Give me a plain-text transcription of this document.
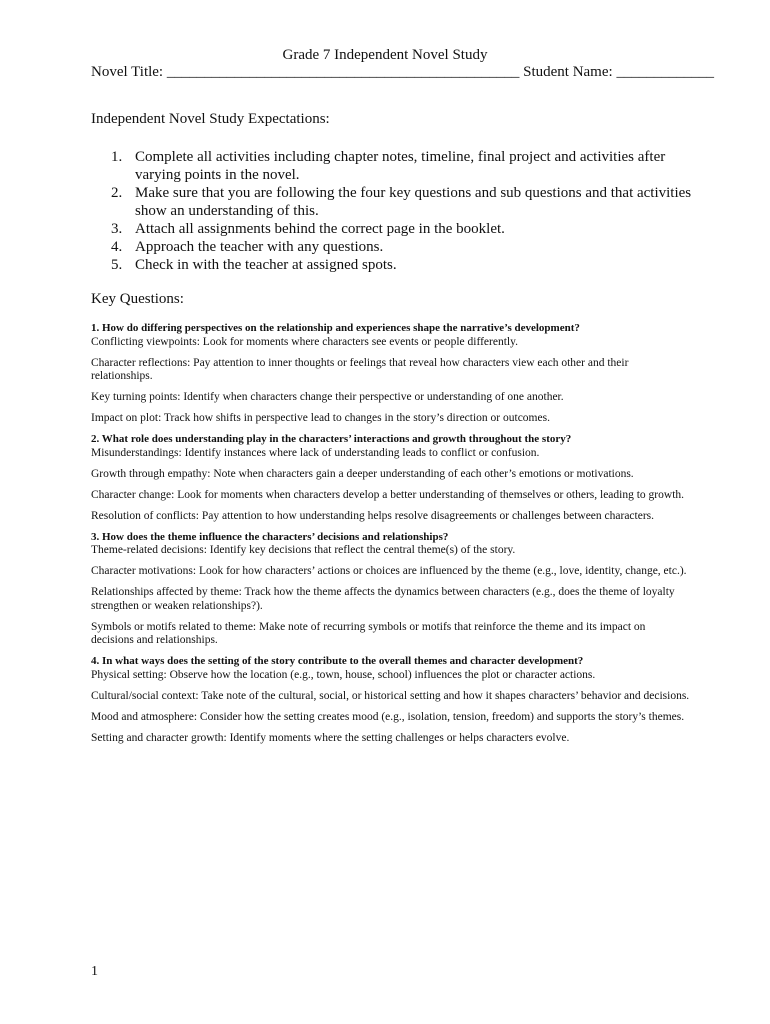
Grade 7 Independent Novel Study
Novel Title: _______________________________________________ Student Name: _____________
Independent Novel Study Expectations:
1. Complete all activities including chapter notes, timeline, final project and activities after varying points in the novel.
2. Make sure that you are following the four key questions and sub questions and that activities show an understanding of this.
3. Attach all assignments behind the correct page in the booklet.
4. Approach the teacher with any questions.
5. Check in with the teacher at assigned spots.
Key Questions:

1. How do differing perspectives on the relationship and experiences shape the narrative’s development?

Conflicting viewpoints: Look for moments where characters see events or people differently.

Character reflections: Pay attention to inner thoughts or feelings that reveal how characters view each other and their relationships.

Key turning points: Identify when characters change their perspective or understanding of one another.

Impact on plot: Track how shifts in perspective lead to changes in the story’s direction or outcomes.

2. What role does understanding play in the characters’ interactions and growth throughout the story?

Misunderstandings: Identify instances where lack of understanding leads to conflict or confusion.

Growth through empathy: Note when characters gain a deeper understanding of each other’s emotions or motivations.

Character change: Look for moments when characters develop a better understanding of themselves or others, leading to growth.

Resolution of conflicts: Pay attention to how understanding helps resolve disagreements or challenges between characters.

3. How does the theme influence the characters’ decisions and relationships?

Theme-related decisions: Identify key decisions that reflect the central theme(s) of the story.

Character motivations: Look for how characters’ actions or choices are influenced by the theme (e.g., love, identity, change, etc.).

Relationships affected by theme: Track how the theme affects the dynamics between characters (e.g., does the theme of loyalty strengthen or weaken relationships?).

Symbols or motifs related to theme: Make note of recurring symbols or motifs that reinforce the theme and its impact on decisions and relationships.

4. In what ways does the setting of the story contribute to the overall themes and character development?

Physical setting: Observe how the location (e.g., town, house, school) influences the plot or character actions.

Cultural/social context: Take note of the cultural, social, or historical setting and how it shapes characters’ behavior and decisions.

Mood and atmosphere: Consider how the setting creates mood (e.g., isolation, tension, freedom) and supports the story’s themes.

Setting and character growth: Identify moments where the setting challenges or helps characters evolve.

1
